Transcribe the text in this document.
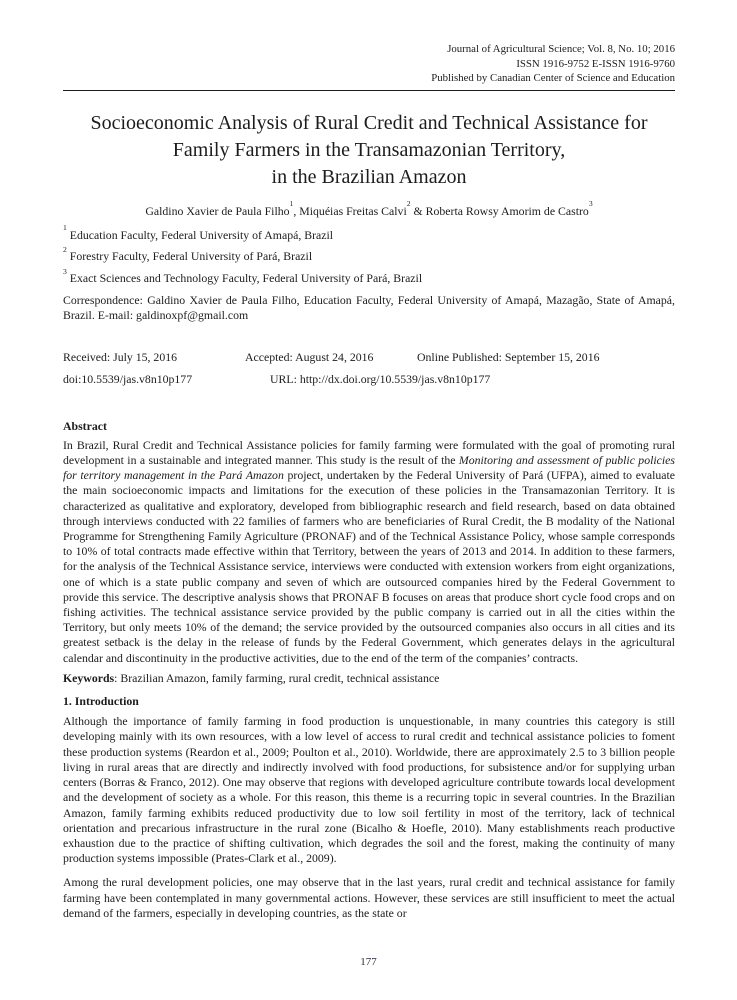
Journal of Agricultural Science; Vol. 8, No. 10; 2016
ISSN 1916-9752 E-ISSN 1916-9760
Published by Canadian Center of Science and Education
Socioeconomic Analysis of Rural Credit and Technical Assistance for
Family Farmers in the Transamazonian Territory,
in the Brazilian Amazon
Galdino Xavier de Paula Filho$^1$, Miquéias Freitas Calvi$^2$ & Roberta Rowsy Amorim de Castro$^3$
$^1$ Education Faculty, Federal University of Amapá, Brazil
$^2$ Forestry Faculty, Federal University of Pará, Brazil
$^3$ Exact Sciences and Technology Faculty, Federal University of Pará, Brazil
Correspondence: Galdino Xavier de Paula Filho, Education Faculty, Federal University of Amapá, Mazagão, State of Amapá, Brazil. E-mail: galdinoxpf@gmail.com
Received: July 15, 2016	Accepted: August 24, 2016	Online Published: September 15, 2016
doi:10.5539/jas.v8n10p177	URL: http://dx.doi.org/10.5539/jas.v8n10p177
Abstract
In Brazil, Rural Credit and Technical Assistance policies for family farming were formulated with the goal of promoting rural development in a sustainable and integrated manner. This study is the result of the Monitoring and assessment of public policies for territory management in the Pará Amazon project, undertaken by the Federal University of Pará (UFPA), aimed to evaluate the main socioeconomic impacts and limitations for the execution of these policies in the Transamazonian Territory. It is characterized as qualitative and exploratory, developed from bibliographic research and field research, based on data obtained through interviews conducted with 22 families of farmers who are beneficiaries of Rural Credit, the B modality of the National Programme for Strengthening Family Agriculture (PRONAF) and of the Technical Assistance Policy, whose sample corresponds to 10% of total contracts made effective within that Territory, between the years of 2013 and 2014. In addition to these farmers, for the analysis of the Technical Assistance service, interviews were conducted with extension workers from eight organizations, one of which is a state public company and seven of which are outsourced companies hired by the Federal Government to provide this service. The descriptive analysis shows that PRONAF B focuses on areas that produce short cycle food crops and on fishing activities. The technical assistance service provided by the public company is carried out in all the cities within the Territory, but only meets 10% of the demand; the service provided by the outsourced companies also occurs in all cities and its greatest setback is the delay in the release of funds by the Federal Government, which generates delays in the agricultural calendar and discontinuity in the productive activities, due to the end of the term of the companies’ contracts.
Keywords: Brazilian Amazon, family farming, rural credit, technical assistance
1. Introduction
Although the importance of family farming in food production is unquestionable, in many countries this category is still developing mainly with its own resources, with a low level of access to rural credit and technical assistance policies to foment these production systems (Reardon et al., 2009; Poulton et al., 2010). Worldwide, there are approximately 2.5 to 3 billion people living in rural areas that are directly and indirectly involved with food productions, for subsistence and/or for supplying urban centers (Borras & Franco, 2012). One may observe that regions with developed agriculture contribute towards local development and the development of society as a whole. For this reason, this theme is a recurring topic in several countries. In the Brazilian Amazon, family farming exhibits reduced productivity due to low soil fertility in most of the territory, lack of technical orientation and precarious infrastructure in the rural zone (Bicalho & Hoefle, 2010). Many establishments reach productive exhaustion due to the practice of shifting cultivation, which degrades the soil and the forest, making the continuity of many production systems impossible (Prates-Clark et al., 2009).
Among the rural development policies, one may observe that in the last years, rural credit and technical assistance for family farming have been contemplated in many governmental actions. However, these services are still insufficient to meet the actual demand of the farmers, especially in developing countries, as the state or
177
